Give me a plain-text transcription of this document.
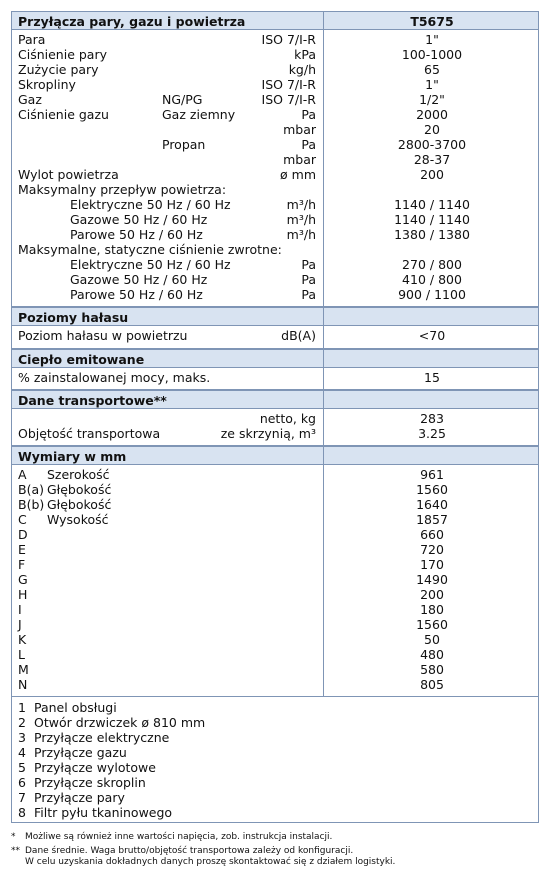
Przyłącza pary, gazu i powietrza	T5675
Para	ISO 7/I-R	1"
Ciśnienie pary	kPa	100-1000
Zużycie pary	kg/h	65
Skropliny	ISO 7/I-R	1"
Gaz	NG/PG	ISO 7/I-R	1/2"
Ciśnienie gazu	Gaz ziemny	Pa	2000
mbar	20
Propan	Pa	2800-3700
mbar	28-37
Wylot powietrza	ø mm	200
Maksymalny przepływ powietrza:
Elektryczne 50 Hz / 60 Hz	m³/h	1140 / 1140
Gazowe 50 Hz / 60 Hz	m³/h	1140 / 1140
Parowe 50 Hz / 60 Hz	m³/h	1380 / 1380
Maksymalne, statyczne ciśnienie zwrotne:
Elektryczne 50 Hz / 60 Hz	Pa	270 / 800
Gazowe 50 Hz / 60 Hz	Pa	410 / 800
Parowe 50 Hz / 60 Hz	Pa	900 / 1100
Poziomy hałasu
Poziom hałasu w powietrzu	dB(A)	<70
Ciepło emitowane
% zainstalowanej mocy, maks.	15
Dane transportowe**
netto, kg	283
Objętość transportowa	ze skrzynią, m³	3.25
Wymiary w mm
A Szerokość	961
B(a) Głębokość	1560
B(b) Głębokość	1640
C Wysokość	1857
D	660
E	720
F	170
G	1490
H	200
I	180
J	1560
K	50
L	480
M	580
N	805
1 Panel obsługi
2 Otwór drzwiczek ø 810 mm
3 Przyłącze elektryczne
4 Przyłącze gazu
5 Przyłącze wylotowe
6 Przyłącze skroplin
7 Przyłącze pary
8 Filtr pyłu tkaninowego
* Możliwe są również inne wartości napięcia, zob. instrukcja instalacji.
** Dane średnie. Waga brutto/objętość transportowa zależy od konfiguracji.
W celu uzyskania dokładnych danych proszę skontaktować się z działem logistyki.
